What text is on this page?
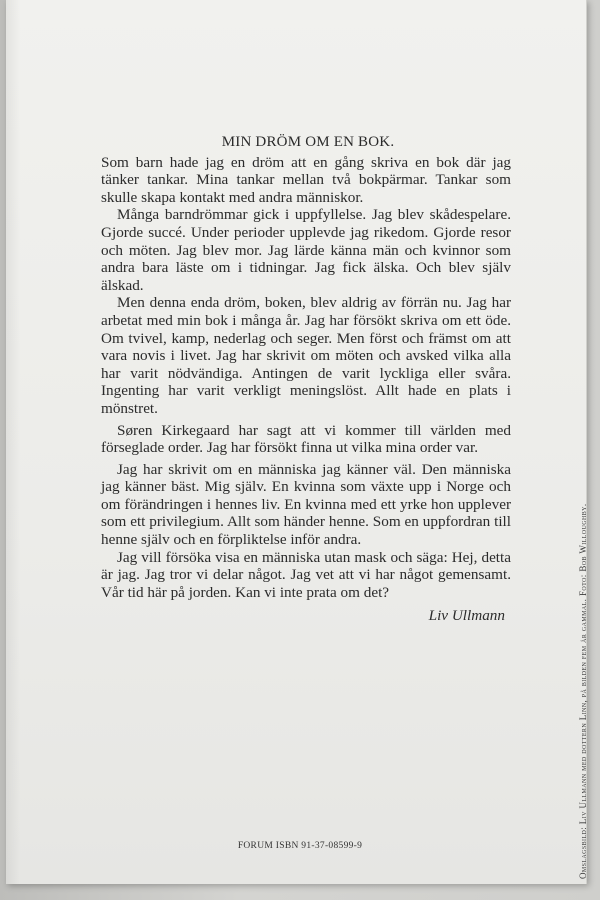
MIN DRÖM OM EN BOK.

Som barn hade jag en dröm att en gång skriva en bok där jag tänker tankar. Mina tankar mellan två bokpärmar. Tankar som skulle skapa kontakt med andra människor.

Många barndrömmar gick i uppfyllelse. Jag blev skådespelare. Gjorde succé. Under perioder upplevde jag rikedom. Gjorde resor och möten. Jag blev mor. Jag lärde känna män och kvinnor som andra bara läste om i tidningar. Jag fick älska. Och blev själv älskad.

Men denna enda dröm, boken, blev aldrig av förrän nu. Jag har arbetat med min bok i många år. Jag har försökt skriva om ett öde. Om tvivel, kamp, nederlag och seger. Men först och främst om att vara novis i livet. Jag har skrivit om möten och avsked vilka alla har varit nödvändiga. Antingen de varit lyckliga eller svåra. Ingenting har varit verkligt meningslöst. Allt hade en plats i mönstret.

Søren Kirkegaard har sagt att vi kommer till världen med förseglade order. Jag har försökt finna ut vilka mina order var.

Jag har skrivit om en människa jag känner väl. Den människa jag känner bäst. Mig själv. En kvinna som växte upp i Norge och om förändringen i hennes liv. En kvinna med ett yrke hon upplever som ett privilegium. Allt som händer henne. Som en uppfordran till henne själv och en förpliktelse inför andra.

Jag vill försöka visa en människa utan mask och säga: Hej, detta är jag. Jag tror vi delar något. Jag vet att vi har något gemensamt. Vår tid här på jorden. Kan vi inte prata om det?

Liv Ullmann

FORUM ISBN 91-37-08599-9	Omslagsbild: Liv Ullmann med dottern Linn, på bilden fem år gammal. Foto: Bob Willoughby.
